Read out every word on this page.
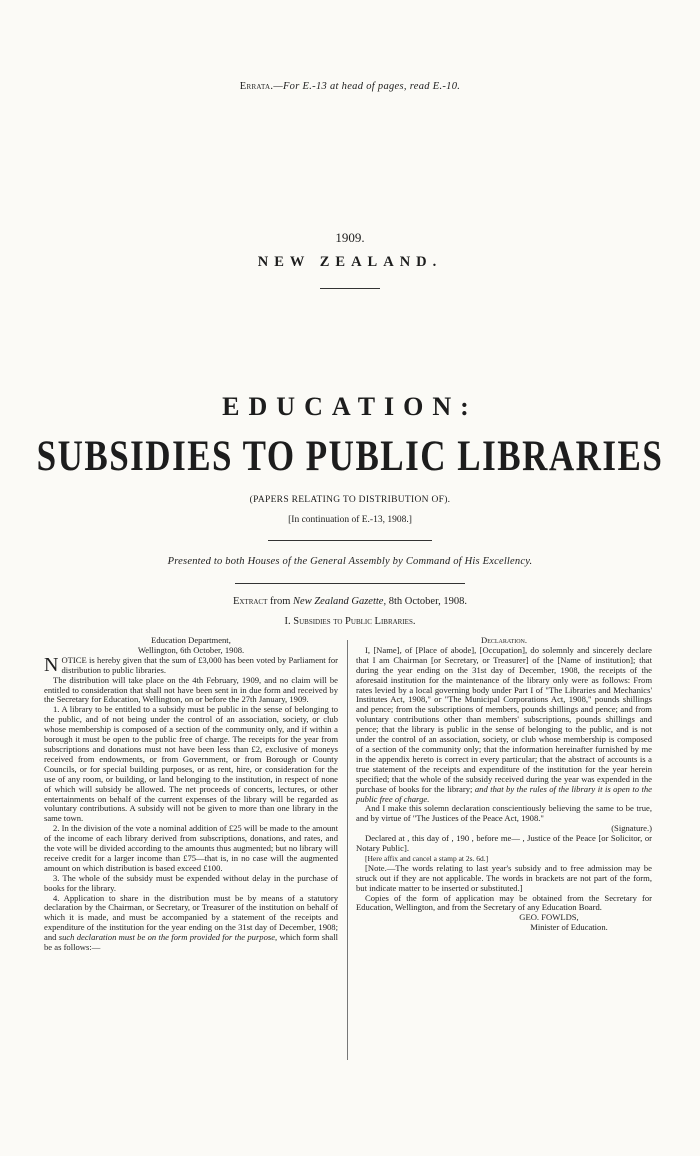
Errata.—For E.-13 at head of pages, read E.-10.
1909.
NEW ZEALAND.
EDUCATION:
SUBSIDIES TO PUBLIC LIBRARIES
(PAPERS RELATING TO DISTRIBUTION OF).
[In continuation of E.-13, 1908.]
Presented to both Houses of the General Assembly by Command of His Excellency.
Extract from New Zealand Gazette, 8th October, 1908.
I. Subsidies to Public Libraries.

Education Department,

Wellington, 6th October, 1908.

NOTICE is hereby given that the sum of £3,000 has been voted by Parliament for distribution to public libraries.

The distribution will take place on the 4th February, 1909, and no claim will be entitled to consideration that shall not have been sent in in due form and received by the Secretary for Education, Wellington, on or before the 27th January, 1909.

1. A library to be entitled to a subsidy must be public in the sense of belonging to the public, and of not being under the control of an association, society, or club whose membership is composed of a section of the community only, and if within a borough it must be open to the public free of charge. The receipts for the year from subscriptions and donations must not have been less than £2, exclusive of moneys received from endowments, or from Government, or from Borough or County Councils, or for special building purposes, or as rent, hire, or consideration for the use of any room, or building, or land belonging to the institution, in respect of none of which will subsidy be allowed. The net proceeds of concerts, lectures, or other entertainments on behalf of the current expenses of the library will be regarded as voluntary contributions. A subsidy will not be given to more than one library in the same town.

2. In the division of the vote a nominal addition of £25 will be made to the amount of the income of each library derived from subscriptions, donations, and rates, and the vote will be divided according to the amounts thus augmented; but no library will receive credit for a larger income than £75—that is, in no case will the augmented amount on which distribution is based exceed £100.

3. The whole of the subsidy must be expended without delay in the purchase of books for the library.

4. Application to share in the distribution must be by means of a statutory declaration by the Chairman, or Secretary, or Treasurer of the institution on behalf of which it is made, and must be accompanied by a statement of the receipts and expenditure of the institution for the year ending on the 31st day of December, 1908; and such declaration must be on the form provided for the purpose, which form shall be as follows:—

Declaration.

I, [Name], of [Place of abode], [Occupation], do solemnly and sincerely declare that I am Chairman [or Secretary, or Treasurer] of the [Name of institution]; that during the year ending on the 31st day of December, 1908, the receipts of the aforesaid institution for the maintenance of the library only were as follows: From rates levied by a local governing body under Part I of "The Libraries and Mechanics' Institutes Act, 1908," or "The Municipal Corporations Act, 1908," pounds shillings and pence; from the subscriptions of members, pounds shillings and pence; and from voluntary contributions other than members' subscriptions, pounds shillings and pence; that the library is public in the sense of belonging to the public, and is not under the control of an association, society, or club whose membership is composed of a section of the community only; that the information hereinafter furnished by me in the appendix hereto is correct in every particular; that the abstract of accounts is a true statement of the receipts and expenditure of the institution for the year herein specified; that the whole of the subsidy received during the year was expended in the purchase of books for the library; and that by the rules of the library it is open to the public free of charge.

And I make this solemn declaration conscientiously believing the same to be true, and by virtue of "The Justices of the Peace Act, 1908."

(Signature.)

Declared at , this day of , 190 , before me— , Justice of the Peace [or Solicitor, or Notary Public].

[Here affix and cancel a stamp at 2s. 6d.]

[Note.—The words relating to last year's subsidy and to free admission may be struck out if they are not applicable. The words in brackets are not part of the form, but indicate matter to be inserted or substituted.]

Copies of the form of application may be obtained from the Secretary for Education, Wellington, and from the Secretary of any Education Board.

GEO. FOWLDS,

Minister of Education.
